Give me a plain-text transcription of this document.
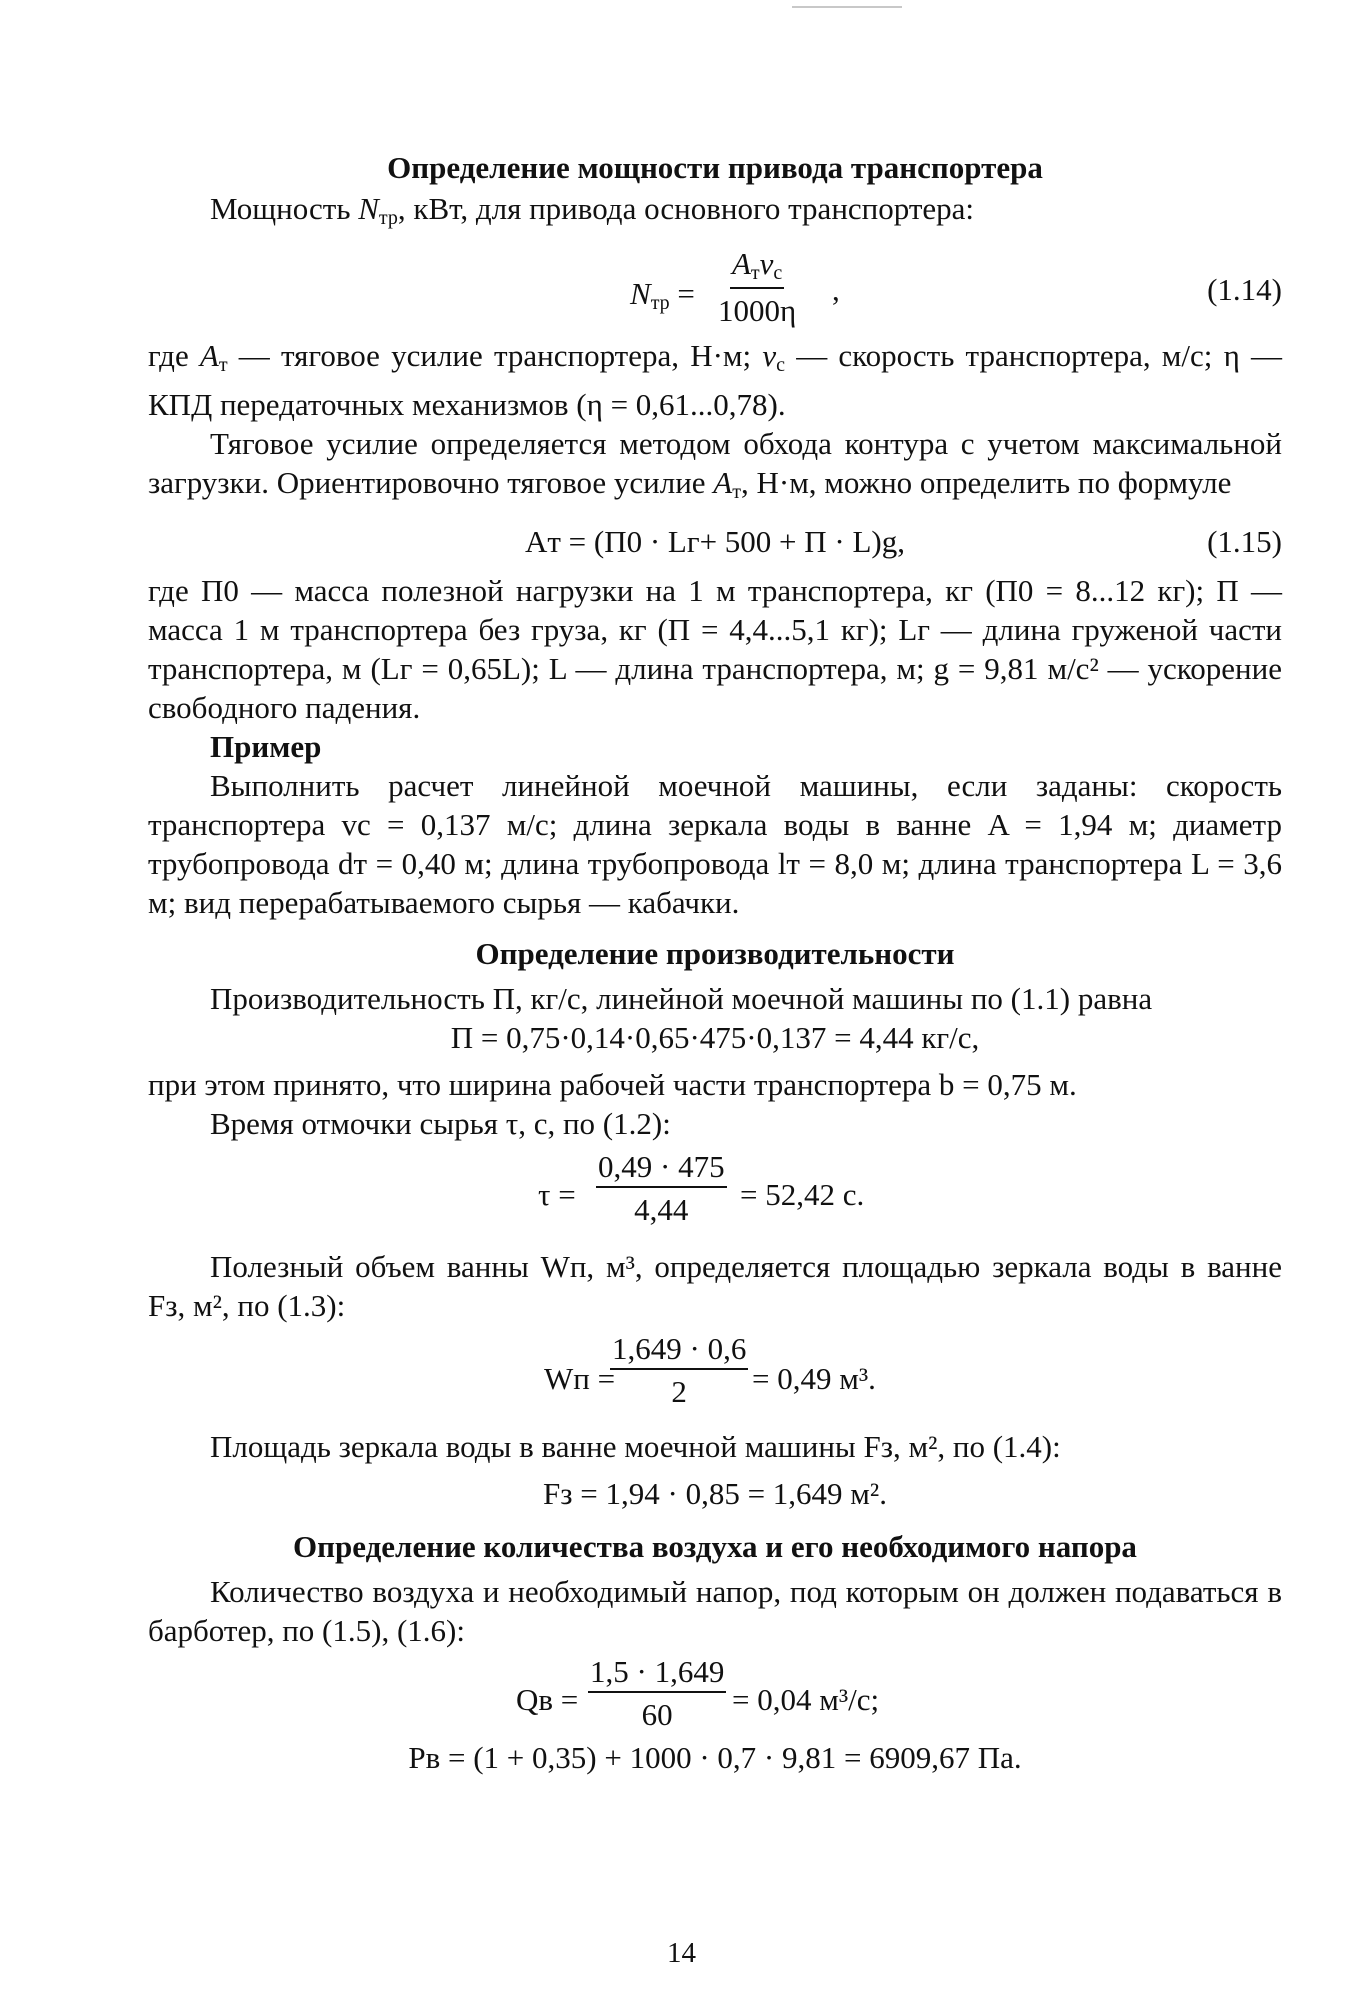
Определение мощности привода транспортера

Мощность $N_{тр}$, кВт, для привода основного транспортера:

$N_{тр}$ =
$A_тv_с$
1000η
,	(1.14)

где $A_т$ — тяговое усилие транспортера, Н·м; $v_с$ — скорость транспортера, м/с; η — КПД передаточных механизмов (η = 0,61...0,78).

Тяговое усилие определяется методом обхода контура с учетом максимальной загрузки. Ориентировочно тяговое усилие $A_т$, Н·м, можно определить по формуле

Aт = (П0 · Lг+ 500 + П · L)g,	(1.15)

где П0 — масса полезной нагрузки на 1 м транспортера, кг (П0 = 8...12 кг); П — масса 1 м транспортера без груза, кг (П = 4,4...5,1 кг); Lг — длина груженой части транспортера, м (Lг = 0,65L); L — длина транспортера, м; g = 9,81 м/с² — ускорение свободного падения.

Пример

Выполнить расчет линейной моечной машины, если заданы: скорость транспортера vс = 0,137 м/с; длина зеркала воды в ванне A = 1,94 м; диаметр трубопровода dт = 0,40 м; длина трубопровода lт = 8,0 м; длина транспортера L = 3,6 м; вид перерабатываемого сырья — кабачки.

Определение производительности

Производительность П, кг/с, линейной моечной машины по (1.1) равна

П = 0,75·0,14·0,65·475·0,137 = 4,44 кг/с,

при этом принято, что ширина рабочей части транспортера b = 0,75 м.

Время отмочки сырья τ, с, по (1.2):

$\tau = \frac{0,49 \cdot 475}{4,44} = 52,42$ с.

Полезный объем ванны Wп, м³, определяется площадью зеркала воды в ванне Fз, м², по (1.3):

Wп =
$\frac{1,649 \cdot 0,6}{2} = 0,49$ м³.

Площадь зеркала воды в ванне моечной машины Fз, м², по (1.4):

Fз = 1,94 · 0,85 = 1,649 м².

Определение количества воздуха и его необходимого напора

Количество воздуха и необходимый напор, под которым он должен подаваться в барботер, по (1.5), (1.6):

Qв = $\frac{1,5 \cdot 1,649}{60} = 0,04$ м³/с;
Pв = (1 + 0,35) + 1000 · 0,7 · 9,81 = 6909,67 Па.
14
